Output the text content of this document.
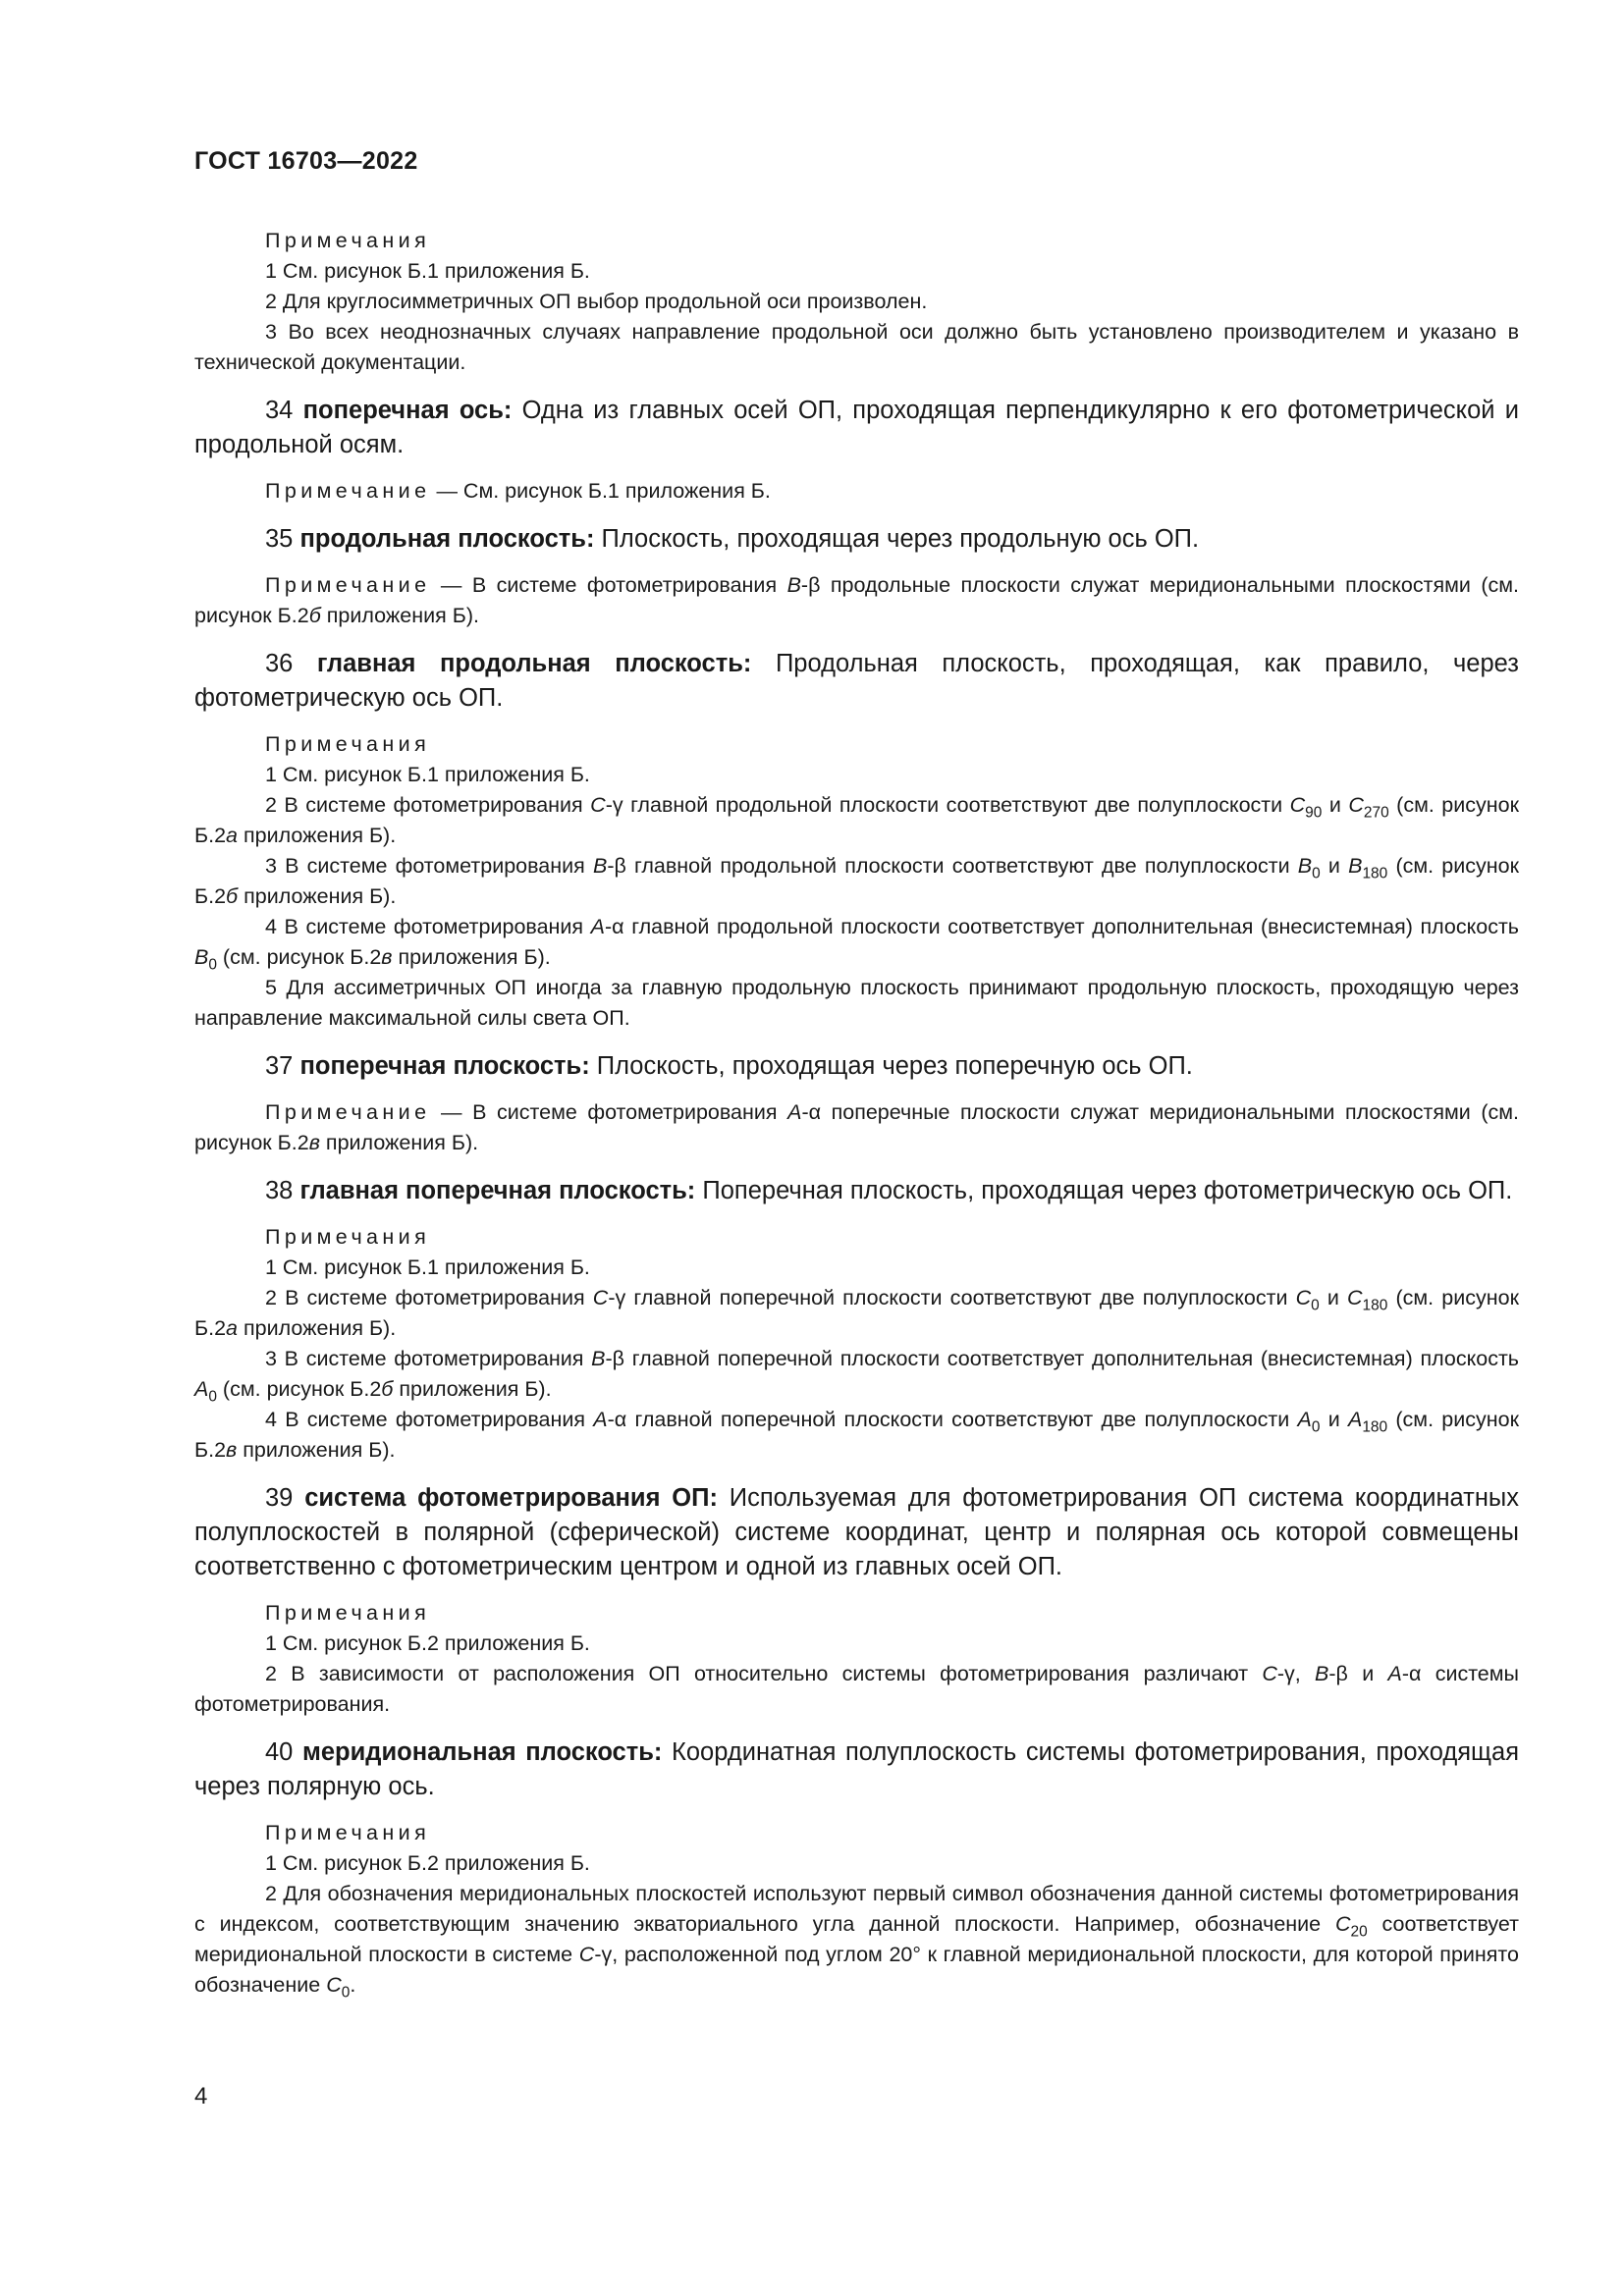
ГОСТ 16703—2022

Примечания

1 См. рисунок Б.1 приложения Б.

2 Для круглосимметричных ОП выбор продольной оси произволен.

3 Во всех неоднозначных случаях направление продольной оси должно быть установлено производителем и указано в технической документации.

34 поперечная ось: Одна из главных осей ОП, проходящая перпендикулярно к его фотометрической и продольной осям.

Примечание — См. рисунок Б.1 приложения Б.

35 продольная плоскость: Плоскость, проходящая через продольную ось ОП.

Примечание — В системе фотометрирования B-β продольные плоскости служат меридиональными плоскостями (см. рисунок Б.2б приложения Б).

36 главная продольная плоскость: Продольная плоскость, проходящая, как правило, через фотометрическую ось ОП.

Примечания

1 См. рисунок Б.1 приложения Б.

2 В системе фотометрирования C-γ главной продольной плоскости соответствуют две полуплоскости $C_{90}$ и $C_{270}$ (см. рисунок Б.2а приложения Б).

3 В системе фотометрирования B-β главной продольной плоскости соответствуют две полуплоскости $B_0$ и $B_{180}$ (см. рисунок Б.2б приложения Б).

4 В системе фотометрирования A-α главной продольной плоскости соответствует дополнительная (внесистемная) плоскость $B_0$ (см. рисунок Б.2в приложения Б).

5 Для ассиметричных ОП иногда за главную продольную плоскость принимают продольную плоскость, проходящую через направление максимальной силы света ОП.

37 поперечная плоскость: Плоскость, проходящая через поперечную ось ОП.

Примечание — В системе фотометрирования A-α поперечные плоскости служат меридиональными плоскостями (см. рисунок Б.2в приложения Б).

38 главная поперечная плоскость: Поперечная плоскость, проходящая через фотометрическую ось ОП.

Примечания

1 См. рисунок Б.1 приложения Б.

2 В системе фотометрирования C-γ главной поперечной плоскости соответствуют две полуплоскости $C_0$ и $C_{180}$ (см. рисунок Б.2а приложения Б).

3 В системе фотометрирования B-β главной поперечной плоскости соответствует дополнительная (внесистемная) плоскость $A_0$ (см. рисунок Б.2б приложения Б).

4 В системе фотометрирования A-α главной поперечной плоскости соответствуют две полуплоскости $A_0$ и $A_{180}$ (см. рисунок Б.2в приложения Б).

39 система фотометрирования ОП: Используемая для фотометрирования ОП система координатных полуплоскостей в полярной (сферической) системе координат, центр и полярная ось которой совмещены соответственно с фотометрическим центром и одной из главных осей ОП.

Примечания

1 См. рисунок Б.2 приложения Б.

2 В зависимости от расположения ОП относительно системы фотометрирования различают C-γ, B-β и A-α системы фотометрирования.

40 меридиональная плоскость: Координатная полуплоскость системы фотометрирования, проходящая через полярную ось.

Примечания

1 См. рисунок Б.2 приложения Б.

2 Для обозначения меридиональных плоскостей используют первый символ обозначения данной системы фотометрирования с индексом, соответствующим значению экваториального угла данной плоскости. Например, обозначение $C_{20}$ соответствует меридиональной плоскости в системе C-γ, расположенной под углом 20° к главной меридиональной плоскости, для которой принято обозначение $C_0$.

4
